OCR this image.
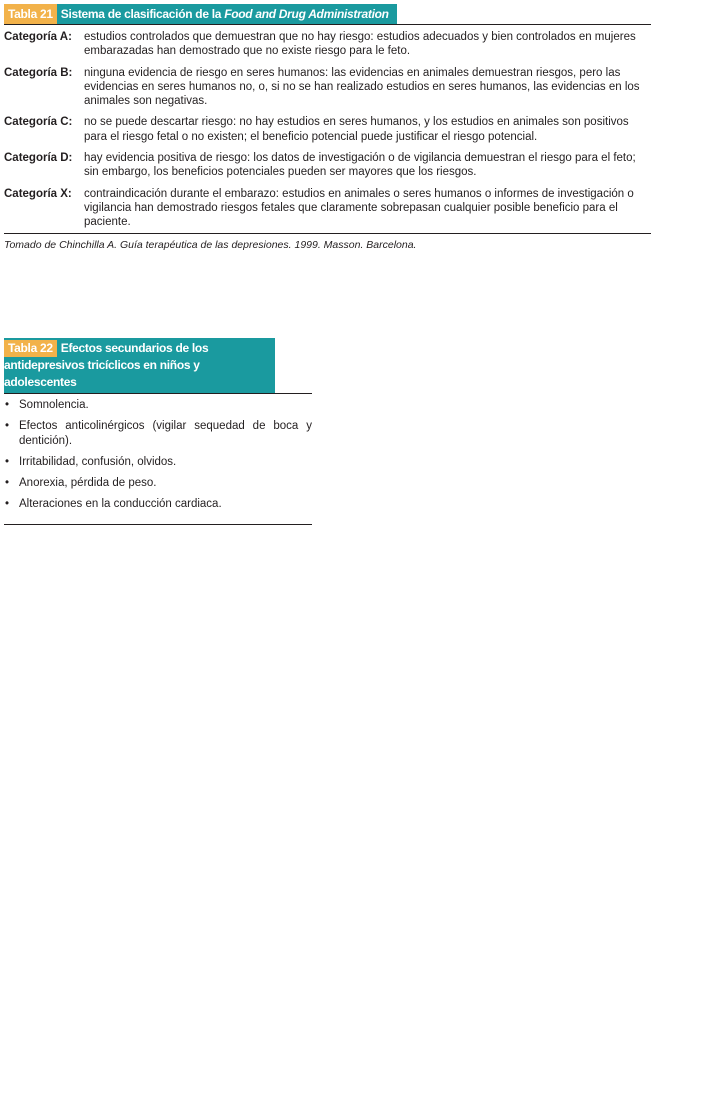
Tabla 21 Sistema de clasificación de la Food and Drug Administration
Categoría A:	estudios controlados que demuestran que no hay riesgo: estudios adecuados y bien controlados en mujeres embarazadas han demostrado que no existe riesgo para le feto.
Categoría B:	ninguna evidencia de riesgo en seres humanos: las evidencias en animales demuestran riesgos, pero las evidencias en seres humanos no, o, si no se han realizado estudios en seres humanos, las evidencias en los animales son negativas.
Categoría C:	no se puede descartar riesgo: no hay estudios en seres humanos, y los estudios en animales son positivos para el riesgo fetal o no existen; el beneficio potencial puede justificar el riesgo potencial.
Categoría D:	hay evidencia positiva de riesgo: los datos de investigación o de vigilancia demuestran el riesgo para el feto; sin embargo, los beneficios potenciales pueden ser mayores que los riesgos.
Categoría X:	contraindicación durante el embarazo: estudios en animales o seres humanos o informes de investigación o vigilancia han demostrado riesgos fetales que claramente sobrepasan cualquier posible beneficio para el paciente.
Tomado de Chinchilla A. Guía terapéutica de las depresiones. 1999. Masson. Barcelona.
Tabla 22 Efectos secundarios de los antidepresivos tricíclicos en niños y adolescentes
• Somnolencia.
• Efectos anticolinérgicos (vigilar sequedad de boca y dentición).
• Irritabilidad, confusión, olvidos.
• Anorexia, pérdida de peso.
• Alteraciones en la conducción cardiaca.
